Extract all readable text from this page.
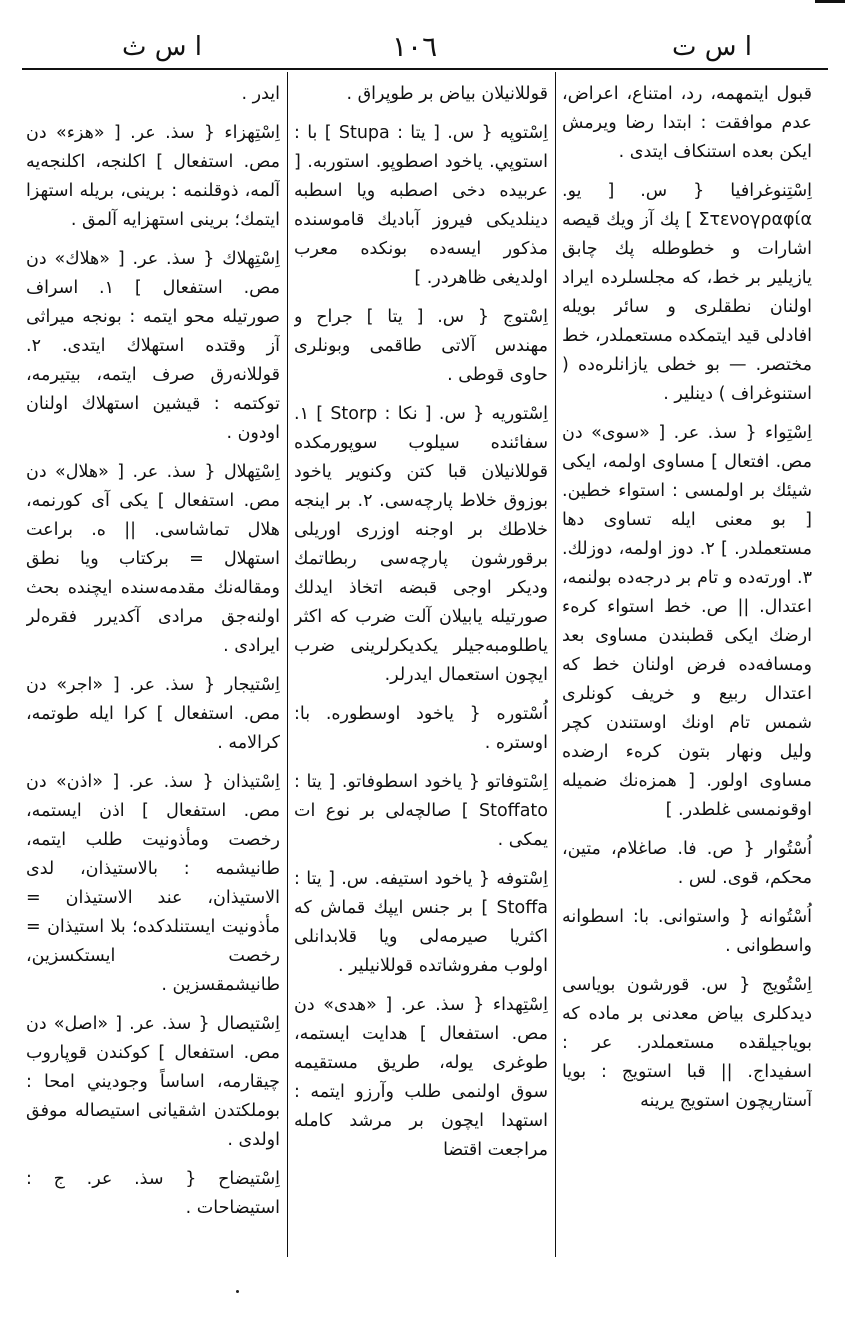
ا س ث	١٠٦	ا س ت

قبول ايتمهمه، رد، امتناع، اعراض، عدم موافقت : ابتدا رضا ويرمش ايكن بعده استنكاف ايتدى .

اِسْتِنوغرافيا { س. [ يو. Στενογραφία ] پك آز ويك قيصه اشارات و خطوطله پك چابق يازيلير بر خط، كه مجلسلرده ايراد اولنان نطقلرى و سائر بويله افادلى قيد ايتمكده مستعملدر، خط مختصر. — بو خطى يازانلره‌ده ( استنوغراف ) دينلير .

اِسْتِواء { سذ. عر. [ «سوى» دن مص. افتعال ] مساوى اولمه، ايكى شيئك بر اولمسى : استواء خطين. [ بو معنى ايله تساوى دها مستعملدر. ] ٢. دوز اولمه، دوزلك. ٣. اورته‌ده و تام بر درجه‌ده بولنمه، اعتدال. || ص. خط استواء كره‌ء ارضك ايكى قطبندن مساوى بعد ومسافه‌ده فرض اولنان خط كه اعتدال ربيع و خريف كونلرى شمس تام اونك اوستندن كچر وليل ونهار بتون كره‌ء ارضده مساوى اولور. [ همزه‌نك ضميله اوقونمسى غلطدر. ]

اُسْتُوار { ص. فا. صاغلام، متين، محكم، قوى. لس .

اُسْتُوانه { واستوانى. با: اسطوانه واسطوانى .

اِسْتُويج { س. قورشون بوياسى ديدكلرى بياض معدنى بر ماده كه بوياجيلقده مستعملدر. عر : اسفيداج. || قبا استويج : بويا آستاريچون استويج يرينه

قوللانيلان بياض بر طوپراق .

اِسْتوپه { س. [ يتا : Stupa ] با : استوپي. ياخود اصطوپو. استوربه. [ عربيده دخى اصطبه ويا اسطبه دينلديكى فيروز آباديك قاموسنده مذكور ايسه‌ده بونكده معرب اولديغى ظاهردر. ]

اِسْتوج { س. [ يتا ] جراح و مهندس آلاتى طاقمى وبونلرى حاوى قوطى .

اِسْتوريه { س. [ نكا : Storp ] ١. سفائنده سيلوب سوپورمكده قوللانيلان قبا كتن وكنوير ياخود بوزوق خلاط پارچه‌سى. ٢. بر اينجه خلاطك بر اوجنه اوزرى اوريلى برقورشون پارچه‌سى ربطاتمك وديكر اوجى قبضه اتخاذ ايدلك صورتيله يابيلان آلت ضرب كه اكثر ياطلومبه‌جيلر يكديكرلرينى ضرب ايچون استعمال ايدرلر.

اُسْتوره { ياخود اوسطوره. با: اوستره .

اِسْتوفاتو { ياخود اسطوفاتو. [ يتا : Stoffato ] صالچه‌لى بر نوع ات يمكى .

اِسْتوفه { ياخود استيفه. س. [ يتا : Stoffa ] بر جنس ايپك قماش كه اكثريا صيرمه‌لى ويا قلابدانلى اولوب مفروشاتده قوللانيلير .

اِسْتِهداء { سذ. عر. [ «هدى» دن مص. استفعال ] هدايت ايستمه، طوغرى يوله، طريق مستقيمه سوق اولنمى طلب وآرزو ايتمه : استهدا ايچون بر مرشد كامله مراجعت اقتضا

ايدر .

اِسْتِهزاء { سذ. عر. [ «هزء» دن مص. استفعال ] اكلنجه، اكلنجه‌يه آلمه، ذوقلنمه : برينى، بريله استهزا ايتمك؛ برينى استهزايه آلمق .

اِسْتِهلاك { سذ. عر. [ «هلاك» دن مص. استفعال ] ١. اسراف صورتيله محو ايتمه : بونجه ميراثى آز وقتده استهلاك ايتدى. ٢. قوللانه‌رق صرف ايتمه، بيتيرمه، توكتمه : قيشين استهلاك اولنان اودون .

اِسْتِهلال { سذ. عر. [ «هلال» دن مص. استفعال ] يكى آى كورنمه، هلال تماشاسى. || ه. براعت استهلال = بركتاب ويا نطق ومقاله‌نك مقدمه‌سنده ايچنده بحث اولنه‌جق مرادى آكديرر فقره‌لر ايرادى .

اِسْتيجار { سذ. عر. [ «اجر» دن مص. استفعال ] كرا ايله طوتمه، كرالامه .

اِسْتيذان { سذ. عر. [ «اذن» دن مص. استفعال ] اذن ايستمه، رخصت ومأذونيت طلب ايتمه، طانيشمه : بالاستيذان، لدى الاستيذان، عند الاستيذان = مأذونيت ايستنلدكده؛ بلا استيذان = رخصت ايستكسزين، طانيشمقسزين .

اِسْتيصال { سذ. عر. [ «اصل» دن مص. استفعال ] كوكندن قوپاروب چيقارمه، اساساً وجوديني امحا : بوملكتدن اشقيانى استيصاله موفق اولدى .

اِسْتيضاح { سذ. عر. ج : استيضاحات .
